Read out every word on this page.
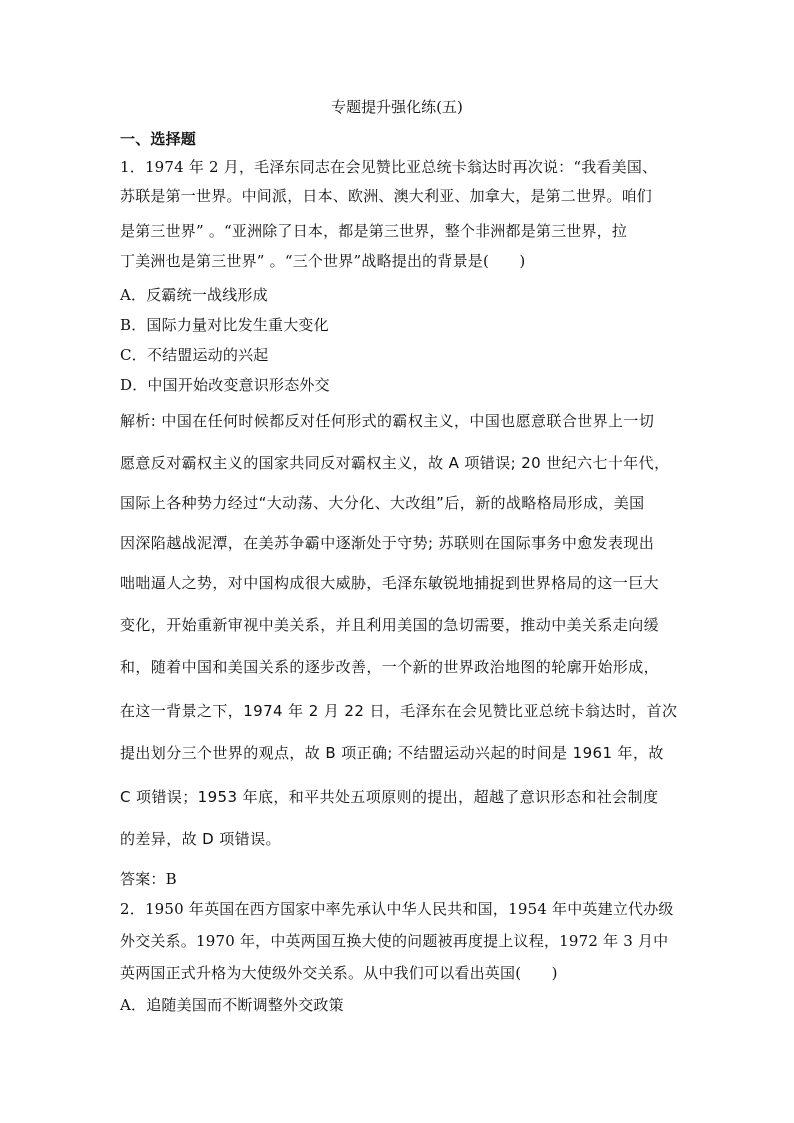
专题提升强化练(五)
一、选择题
1．1974 年 2 月，毛泽东同志在会见赞比亚总统卡翁达时再次说：“我看美国、
苏联是第一世界。中间派，日本、欧洲、澳大利亚、加拿大，是第二世界。咱们
是第三世界” 。“亚洲除了日本，都是第三世界，整个非洲都是第三世界，拉
丁美洲也是第三世界” 。“三个世界”战略提出的背景是(　　)
A．反霸统一战线形成
B．国际力量对比发生重大变化
C．不结盟运动的兴起
D．中国开始改变意识形态外交
解析: 中国在任何时候都反对任何形式的霸权主义，中国也愿意联合世界上一切
愿意反对霸权主义的国家共同反对霸权主义，故 A 项错误; 20 世纪六七十年代，
国际上各种势力经过“大动荡、大分化、大改组”后，新的战略格局形成，美国
因深陷越战泥潭，在美苏争霸中逐渐处于守势; 苏联则在国际事务中愈发表现出
咄咄逼人之势，对中国构成很大威胁，毛泽东敏锐地捕捉到世界格局的这一巨大
变化，开始重新审视中美关系，并且利用美国的急切需要，推动中美关系走向缓
和，随着中国和美国关系的逐步改善，一个新的世界政治地图的轮廓开始形成，
在这一背景之下，1974 年 2 月 22 日，毛泽东在会见赞比亚总统卡翁达时，首次
提出划分三个世界的观点，故 B 项正确; 不结盟运动兴起的时间是 1961 年，故
C 项错误；1953 年底，和平共处五项原则的提出，超越了意识形态和社会制度
的差异，故 D 项错误。
答案：B
2．1950 年英国在西方国家中率先承认中华人民共和国，1954 年中英建立代办级
外交关系。1970 年，中英两国互换大使的问题被再度提上议程，1972 年 3 月中
英两国正式升格为大使级外交关系。从中我们可以看出英国(　　)
A．追随美国而不断调整外交政策
